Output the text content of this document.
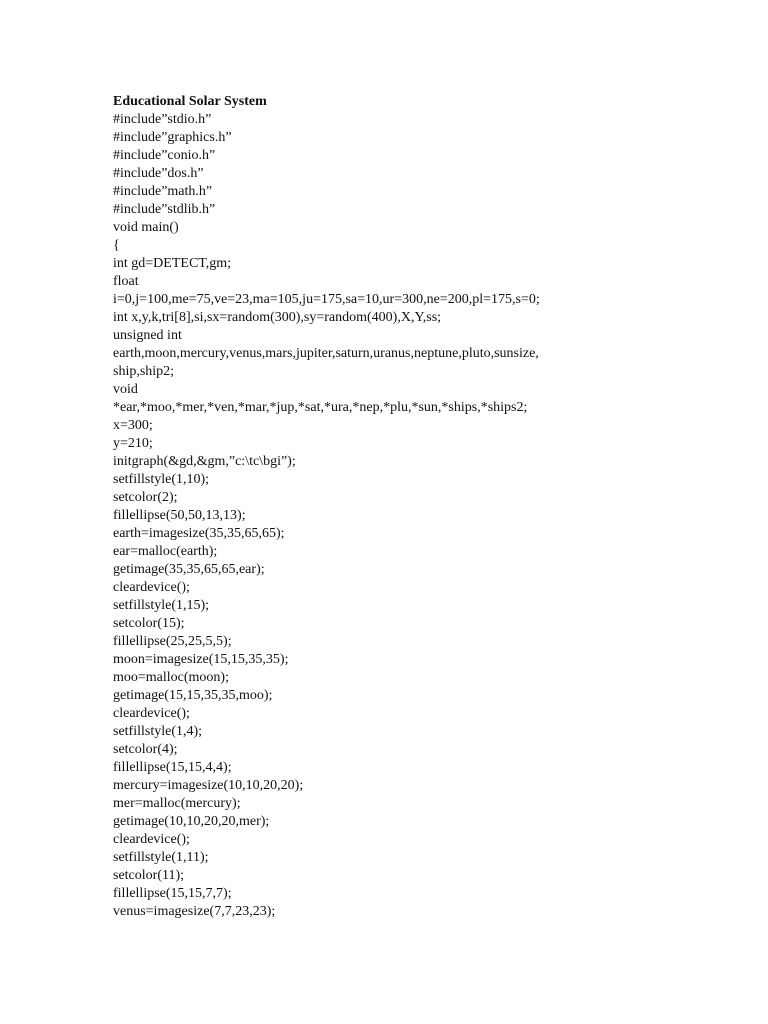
Educational Solar System

#include”stdio.h”

#include”graphics.h”

#include”conio.h”

#include”dos.h”

#include”math.h”

#include”stdlib.h”

void main()

{

int gd=DETECT,gm;

float

i=0,j=100,me=75,ve=23,ma=105,ju=175,sa=10,ur=300,ne=200,pl=175,s=0;

int x,y,k,tri[8],si,sx=random(300),sy=random(400),X,Y,ss;

unsigned int

earth,moon,mercury,venus,mars,jupiter,saturn,uranus,neptune,pluto,sunsize,

ship,ship2;

void

*ear,*moo,*mer,*ven,*mar,*jup,*sat,*ura,*nep,*plu,*sun,*ships,*ships2;

x=300;

y=210;

initgraph(&gd,&gm,”c:\tc\bgi”);

setfillstyle(1,10);

setcolor(2);

fillellipse(50,50,13,13);

earth=imagesize(35,35,65,65);

ear=malloc(earth);

getimage(35,35,65,65,ear);

cleardevice();

setfillstyle(1,15);

setcolor(15);

fillellipse(25,25,5,5);

moon=imagesize(15,15,35,35);

moo=malloc(moon);

getimage(15,15,35,35,moo);

cleardevice();

setfillstyle(1,4);

setcolor(4);

fillellipse(15,15,4,4);

mercury=imagesize(10,10,20,20);

mer=malloc(mercury);

getimage(10,10,20,20,mer);

cleardevice();

setfillstyle(1,11);

setcolor(11);

fillellipse(15,15,7,7);

venus=imagesize(7,7,23,23);
